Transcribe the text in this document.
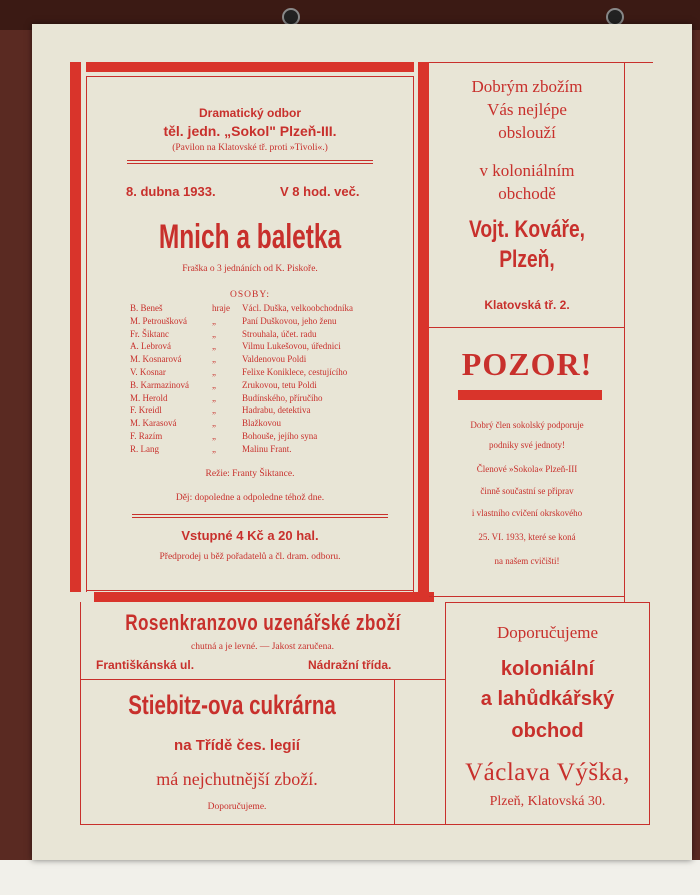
Dramatický odbor
těl. jedn. „Sokol" Plzeň-III.
(Pavilon na Klatovské tř. proti »Tivoli«.)
8. dubna 1933.	V 8 hod. več.
Mnich a baletka
Fraška o 3 jednáních od K. Piskoře.
OSOBY:
B. Beneš	hraje Václ. Duška, velkoobchodníka
M. Petroušková	„	Paní Duškovou, jeho ženu
Fr. Šiktanc	„	Strouhala, účet. radu
A. Lebrová	„	Vilmu Lukešovou, úřednici
M. Kosnarová	„	Valdenovou Poldi
V. Kosnar	„	Felixe Koniklece, cestujícího
B. Karmazinová	„	Zrukovou, tetu Poldi
M. Herold	„	Budínského, příručího
F. Kreidl	„	Hadrabu, detektiva
M. Karasová	„	Blažkovou
F. Razím	„	Bohouše, jejího syna
R. Lang	„	Malinu Frant.
Režie: Franty Šiktance.
Děj: dopoledne a odpoledne téhož dne.
Vstupné 4 Kč a 20 hal.
Předprodej u běž pořadatelů a čl. dram. odboru.
Dobrým zbožím
Vás nejlépe
obslouží
v koloniálním
obchodě
Vojt. Kováře,
Plzeň,
Klatovská tř. 2.
POZOR!
Dobrý člen sokolský podporuje
podniky své jednoty!
Členové »Sokola« Plzeň-III
činně součastní se připrav
i vlastního cvičení okrskového
25. VI. 1933, které se koná
na našem cvičišti!
Rosenkranzovo uzenářské zboží
chutná a je levné. — Jakost zaručena.
Františkánská ul.	Nádražní třída.
Stiebitz-ova cukrárna
na Třídě čes. legií
má nejchutnější zboží.
Doporučujeme.
Doporučujeme
koloniální
a lahůdkářský
obchod
Václava Výška,
Plzeň, Klatovská 30.
